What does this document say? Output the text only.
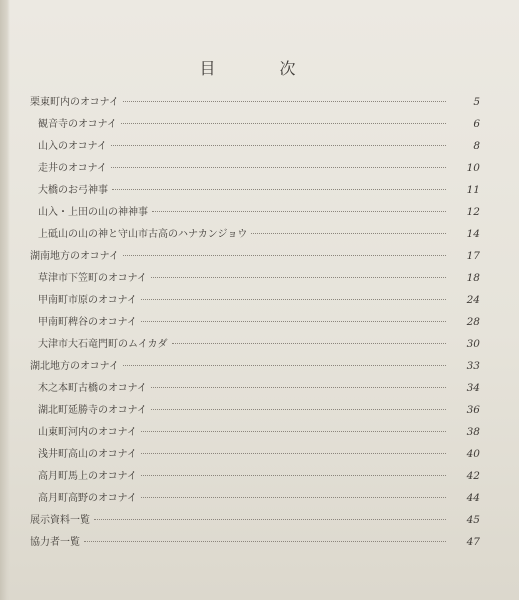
目　次
栗東町内のオコナイ	5
観音寺のオコナイ	6
山入のオコナイ	8
走井のオコナイ	10
大橋のお弓神事	11
山入・上田の山の神神事	12
上砥山の山の神と守山市古高のハナカンジョウ	14
湖南地方のオコナイ	17
草津市下笠町のオコナイ	18
甲南町市原のオコナイ	24
甲南町稗谷のオコナイ	28
大津市大石竜門町のムイカダ	30
湖北地方のオコナイ	33
木之本町古橋のオコナイ	34
湖北町延勝寺のオコナイ	36
山東町河内のオコナイ	38
浅井町高山のオコナイ	40
高月町馬上のオコナイ	42
高月町高野のオコナイ	44
展示資料一覧	45
協力者一覧	47
